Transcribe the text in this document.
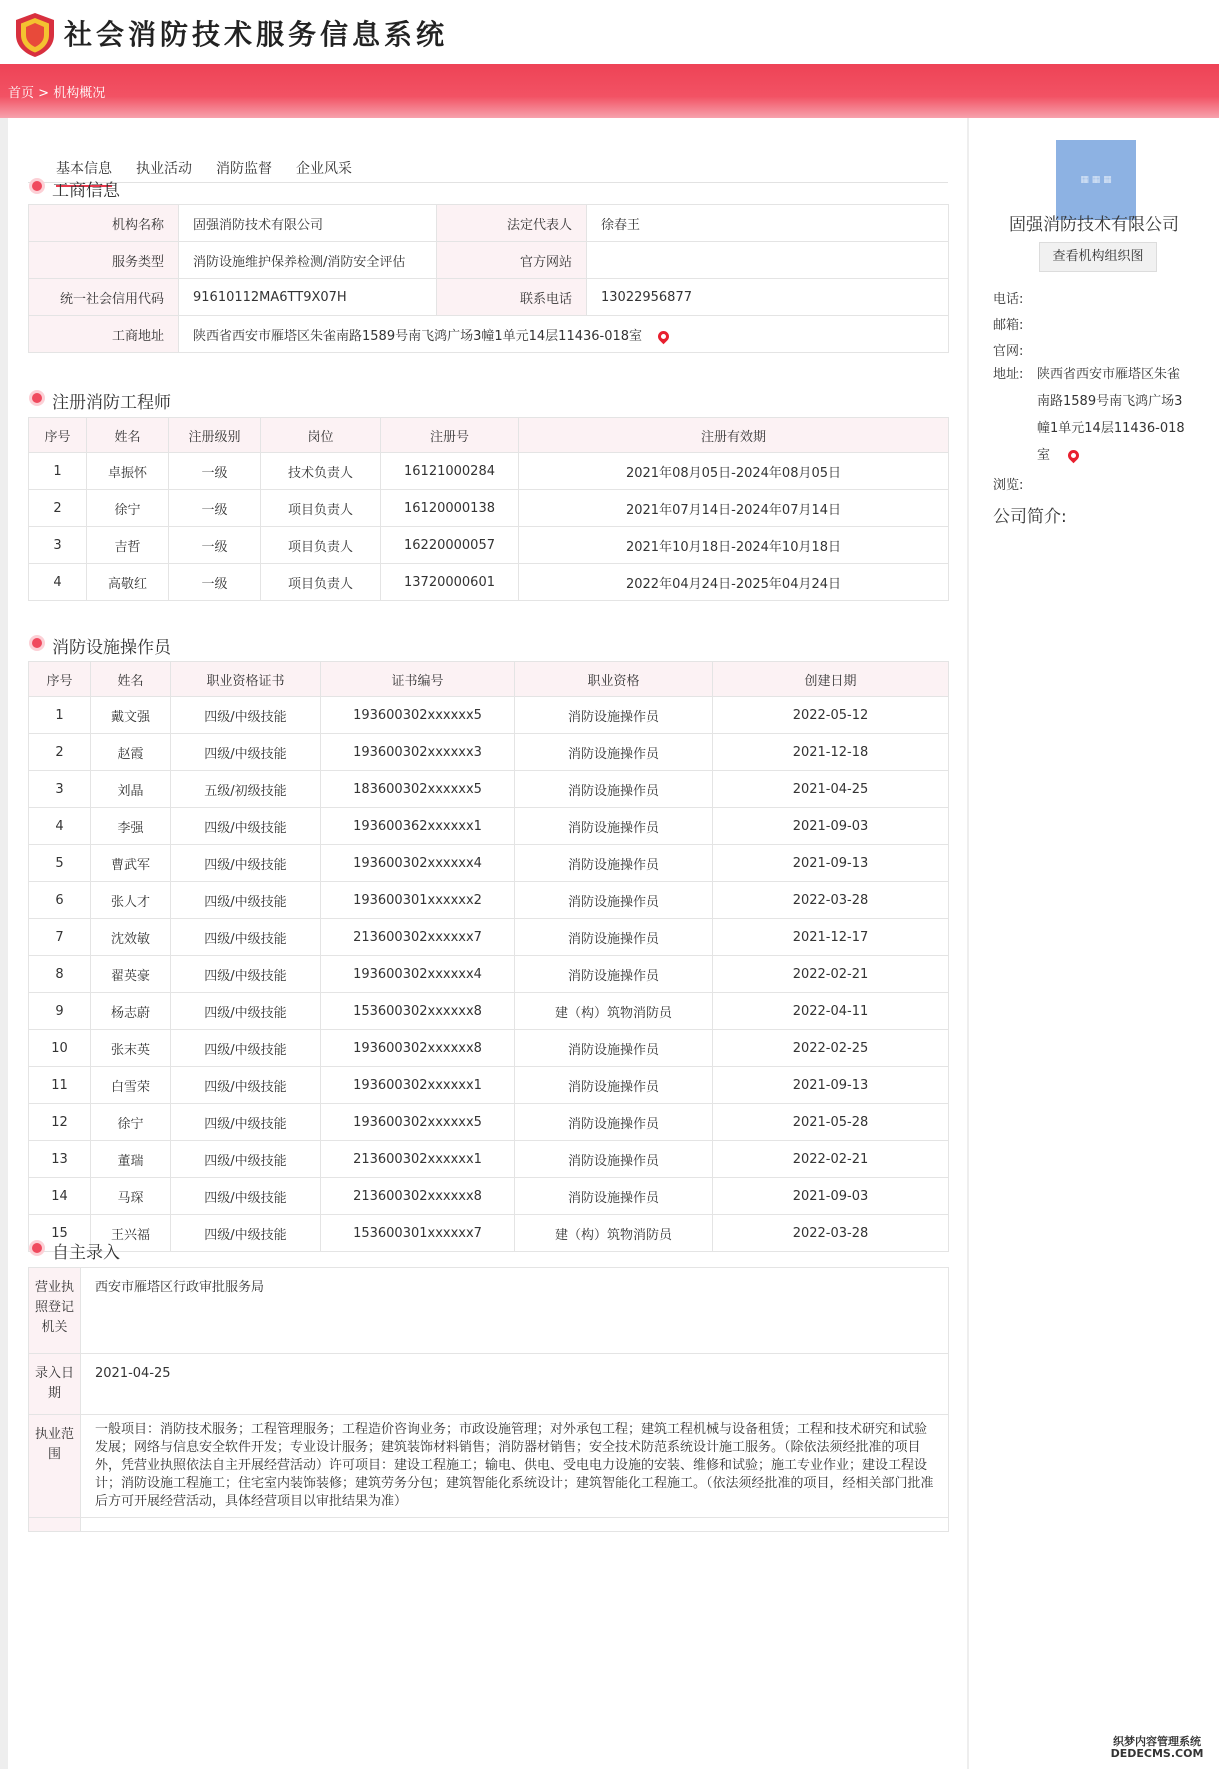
社会消防技术服务信息系统
首页 > 机构概况
基本信息 执业活动 消防监督 企业风采
工商信息
机构名称	固强消防技术有限公司	法定代表人	徐春王
服务类型	消防设施维护保养检测/消防安全评估	官方网站	
统一社会信用代码	91610112MA6TT9X07H	联系电话	13022956877
工商地址	陕西省西安市雁塔区朱雀南路1589号南飞鸿广场3幢1单元14层11436-018室		
注册消防工程师
序号	姓名	注册级别	岗位	注册号	注册有效期
1	卓振怀	一级	技术负责人	16121000284	2021年08月05日-2024年08月05日
2	徐宁	一级	项目负责人	16120000138	2021年07月14日-2024年07月14日
3	吉哲	一级	项目负责人	16220000057	2021年10月18日-2024年10月18日
4	高敬红	一级	项目负责人	13720000601	2022年04月24日-2025年04月24日
消防设施操作员
序号	姓名	职业资格证书	证书编号	职业资格	创建日期
1	戴文强	四级/中级技能	193600302xxxxxx5	消防设施操作员	2022-05-12
2	赵霞	四级/中级技能	193600302xxxxxx3	消防设施操作员	2021-12-18
3	刘晶	五级/初级技能	183600302xxxxxx5	消防设施操作员	2021-04-25
4	李强	四级/中级技能	193600362xxxxxx1	消防设施操作员	2021-09-03
5	曹武军	四级/中级技能	193600302xxxxxx4	消防设施操作员	2021-09-13
6	张人才	四级/中级技能	193600301xxxxxx2	消防设施操作员	2022-03-28
7	沈效敏	四级/中级技能	213600302xxxxxx7	消防设施操作员	2021-12-17
8	翟英豪	四级/中级技能	193600302xxxxxx4	消防设施操作员	2022-02-21
9	杨志蔚	四级/中级技能	153600302xxxxxx8	建（构）筑物消防员	2022-04-11
10	张末英	四级/中级技能	193600302xxxxxx8	消防设施操作员	2022-02-25
11	白雪荣	四级/中级技能	193600302xxxxxx1	消防设施操作员	2021-09-13
12	徐宁	四级/中级技能	193600302xxxxxx5	消防设施操作员	2021-05-28
13	董瑞	四级/中级技能	213600302xxxxxx1	消防设施操作员	2022-02-21
14	马琛	四级/中级技能	213600302xxxxxx8	消防设施操作员	2021-09-03
15	王兴福	四级/中级技能	153600301xxxxxx7	建（构）筑物消防员	2022-03-28
自主录入
营业执照登记机关	西安市雁塔区行政审批服务局
录入日期	2021-04-25
执业范围	一般项目：消防技术服务；工程管理服务；工程造价咨询业务；市政设施管理；对外承包工程；建筑工程机械与设备租赁；工程和技术研究和试验发展；网络与信息安全软件开发；专业设计服务；建筑装饰材料销售；消防器材销售；安全技术防范系统设计施工服务。（除依法须经批准的项目外，凭营业执照依法自主开展经营活动）许可项目：建设工程施工；输电、供电、受电电力设施的安装、维修和试验；施工专业作业；建设工程设计；消防设施工程施工；住宅室内装饰装修；建筑劳务分包；建筑智能化系统设计；建筑智能化工程施工。（依法须经批准的项目，经相关部门批准后方可开展经营活动，具体经营项目以审批结果为准）

▦ ▦ ▦
固强消防技术有限公司
查看机构组织图
电话:
邮箱:
官网:
地址: 陕西省西安市雁塔区朱雀南路1589号南飞鸿广场3幢1单元14层11436-018室
浏览:
公司简介:
织梦内容管理系统
DEDECMS.COM
